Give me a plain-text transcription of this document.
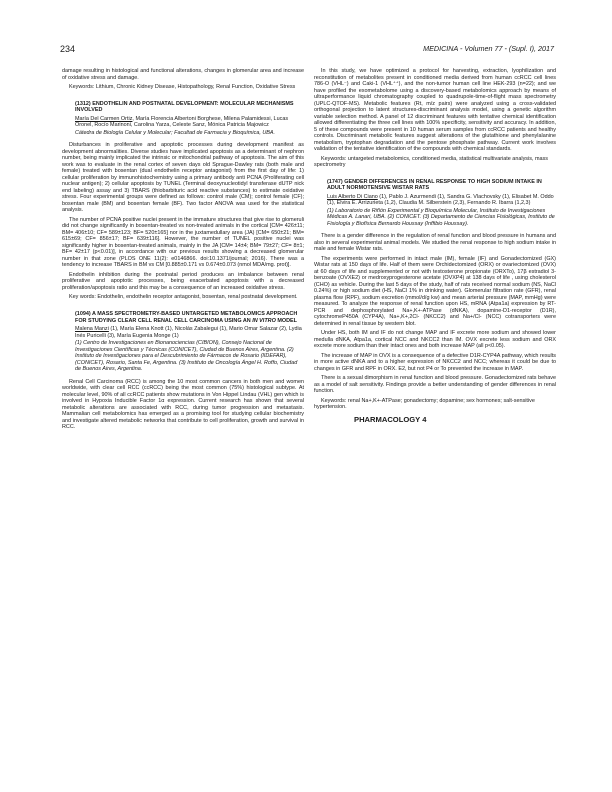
234	MEDICINA - Volumen 77 - (Supl. I), 2017

damage resulting in histological and functional alterations, changes in glomerular area and increase of oxidative stress and damage.

Keywords: Lithium, Chronic Kidney Disease, Histopathology, Renal Function, Oxidative Stress

(1312) ENDOTHELIN AND POSTNATAL DEVELOPMENT: MOLECULAR MECHANISMS INVOLVED
María Del Carmen Ortiz, María Florencia Albertoni Borghese, Milena Palamidessi, Lucas Oronel, Rocío Marinoni, Carolina Yarza, Celeste Sanz, Mónica Patricia Majowicz
Cátedra de Biología Celular y Molecular; Facultad de Farmacia y Bioquímica, UBA.

Disturbances in proliferative and apoptotic processes during development manifest as development abnormalities. Diverse studies have implicated apoptosis as a determinant of nephron number, being mainly implicated the intrinsic or mitochondrial pathway of apoptosis. The aim of this work was to evaluate in the renal cortex of seven days old Sprague-Dawley rats (both male and female) treated with bosentan (dual endothelin receptor antagonist) from the first day of life: 1) cellular proliferation by immunohistochemistry using a primary antibody anti PCNA (Proliferating cell nuclear antigen); 2) cellular apoptosis by TUNEL (Terminal deoxynucleotidyl transferase dUTP nick end labeling) assay and 3) TBARS (thiobarbituric acid reactive substances) to estimate oxidative stress. Four experimental groups were defined as follows: control male (CM); control female (CF); bosentan male (BM) and bosentan female (BF). Two factor ANOVA was used for the statistical analysis.

The number of PCNA positive nuclei present in the immature structures that give rise to glomeruli did not change significantly in bosentan-treated vs non-treated animals in the cortical [CM= 426±11; BM= 406±10; CF= 589±123; BF= 520±165] nor in the juxtamedullary area (JA) [CM= 650±21; BM= 615±69; CF= 856±17; BF= 639±116]. However, the number of TUNEL positive nuclei was significantly higher in bosentan-treated animals, mainly in the JA [CM= 14±4; BM= 79±27; CF= 8±1; BF= 42±17 (p<0.01)], in accordance with our previous results showing a decreased glomerular number in that zone (PLOS ONE 11(2): e0146866. doi:10.1371/journal; 2016). There was a tendency to increase TBARS in BM vs CM [0.885±0.171 vs 0.674±0.073 (nmol MDA/mg. prot)].

Endothelin inhibition during the postnatal period produces an imbalance between renal proliferative and apoptotic processes, being exacerbated apoptosis with a decreased proliferation/apoptosis ratio and this may be a consequence of an increased oxidative stress.

Key words: Endothelin, endothelin receptor antagonist, bosentan, renal postnatal development.

(1094) A MASS SPECTROMETRY-BASED UNTARGETED METABOLOMICS APPROACH FOR STUDYING CLEAR CELL RENAL CELL CARCINOMA USING AN IN VITRO MODEL
Malena Manzi (1), María Elena Knott (1), Nicolás Zabalegui (1), Mario Omar Salazar (2), Lydia Inés Puricelli (3), María Eugenia Monge (1)
(1) Centro de Investigaciones en Bionanociencias (CIBION), Consejo Nacional de Investigaciones Científicas y Técnicas (CONICET), Ciudad de Buenos Aires, Argentina. (2) Instituto de Investigaciones para el Descubrimiento de Fármacos de Rosario (IIDEFAR), (CONICET), Rosario, Santa Fe, Argentina. (3) Instituto de Oncología Ángel H. Roffo, Ciudad de Buenos Aires, Argentina.

Renal Cell Carcinoma (RCC) is among the 10 most common cancers in both men and women worldwide, with clear cell RCC (ccRCC) being the most common (75%) histological subtype. At molecular level, 90% of all ccRCC patients show mutations in Von Hippel Lindau (VHL) gen which is involved in Hypoxia Inducible Factor 1α expression. Current research has shown that several metabolic alterations are associated with RCC, during tumor progression and metastasis. Mammalian cell metabolomics has emerged as a promising tool for studying cellular biochemistry and investigate altered metabolic networks that contribute to cell proliferation, growth and survival in RCC.

In this study, we have optimized a protocol for harvesting, extraction, lyophilization and reconstitution of metabolites present in conditioned media derived from human ccRCC cell lines 786-O (VHL⁻) and Caki-1 (VHL⁺⁺), and the non-tumor human cell line HEK-293 (n=22); and we have profiled the exometabolome using a discovery-based metabolomics approach by means of ultraperformance liquid chromatography coupled to quadrupole-time-of-flight mass spectrometry (UPLC-QTOF-MS). Metabolic features (Rt, m/z pairs) were analyzed using a cross-validated orthogonal projection to latent structures-discriminant analysis model, using a genetic algorithm variable selection method. A panel of 12 discriminant features with tentative chemical identification allowed differentiating the three cell lines with 100% specificity, sensitivity and accuracy. In addition, 5 of these compounds were present in 10 human serum samples from ccRCC patients and healthy controls. Discriminant metabolic features suggest alterations of the glutathione and phenylalanine metabolism, tryptophan degradation and the pentose phosphate pathway. Current work involves validation of the tentative identification of the compounds with chemical standards.

Keywords: untargeted metabolomics, conditioned media, statistical multivariate analysis, mass spectrometry

(1747) GENDER DIFFERENCES IN RENAL RESPONSE TO HIGH SODIUM INTAKE IN ADULT NORMOTENSIVE WISTAR RATS
Luis Alberto Di Ciano (1), Pablo J. Azurmendi (1), Sandra G. Vlachovsky (1), Elisabet M. Oddo (1), Elvira E. Arrizurieta (1,2), Claudia M. Silberstein (2,3), Fernando R. Ibarra (1,2,3)
(1) Laboratorio de Riñón Experimental y Bioquímica Molecular, Instituto de Investigaciones Médicas A. Lanari, UBA. (2) CONICET. (3) Departamento de Ciencias Fisiológicas, Instituto de Fisiología y Biofísica Bernardo Houssay (Inffibio Houssay).

There is a gender difference in the regulation of renal function and blood pressure in humans and also in several experimental animal models. We studied the renal response to high sodium intake in male and female Wistar rats.

The experiments were performed in intact male (IM), female (IF) and Gonadectomized (GX) Wistar rats at 150 days of life. Half of them were Orchidectomized (ORX) or ovariectomized (OVX) at 60 days of life and supplemented or not with testosterone propionate (ORXTo), 17β estradiol 3-benzoate (OVXE2) or medroxyprogesterone acetate (OVXP4) at 138 days of life , using cholesterol (CHO) as vehicle. During the last 5 days of the study, half of rats received normal sodium (NS, NaCl 0.24%) or high sodium diet (HS, NaCl 1% in drinking water). Glomerular filtration rate (GFR), renal plasma flow (RPF), sodium excretion (mmol/d/g kw) and mean arterial pressure (MAP, mmHg) were measured. To analyze the response of renal function upon HS, mRNA (Atpa1a) expression by RT-PCR and dephosphorylated Na+,K+-ATPase (dNKA), dopamine-D1-receptor (D1R), cytochromeP450A (CYP4A), Na+,K+,2Cl- (NKCC2) and Na+/Cl- (NCC) cotransporters were determined in renal tissue by western blot.

Under HS, both IM and IF do not change MAP and IF excrete more sodium and showed lower medulla dNKA, Atpa1a, cortical NCC and NKCC2 than IM. OVX excrete less sodium and ORX excrete more sodium than their intact ones and both increase MAP (all p<0.05).

The increase of MAP in OVX is a consequence of a defective D1R-CYP4A pathway, which results in more active dNKA and to a higher expression of NKCC2 and NCC; whereas it could be due to changes in GFR and RPF in ORX. E2, but not P4 or To prevented the increase in MAP.

There is a sexual dimorphism in renal function and blood pressure. Gonadectomized rats behave as a model of salt sensitivity. Findings provide a better understanding of gender differences in renal function.

Keywords: renal Na+,K+-ATPase; gonadectomy; dopamine; sex hormones; salt-sensitive hypertension.

PHARMACOLOGY 4
